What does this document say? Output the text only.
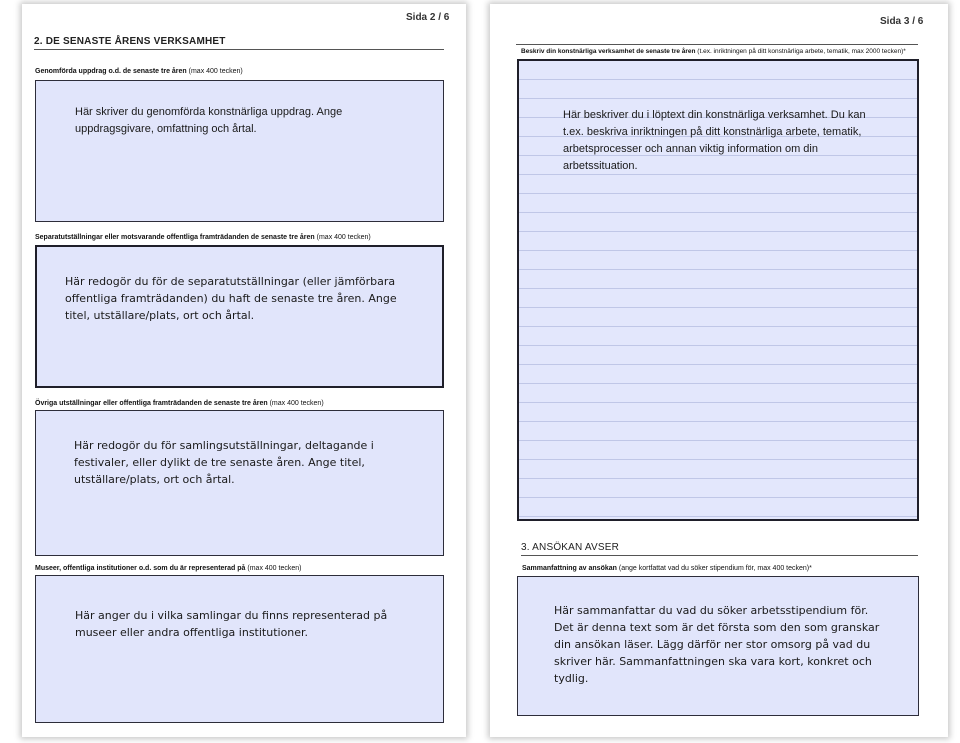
Sida 2 / 6
2. DE SENASTE ÅRENS VERKSAMHET
Genomförda uppdrag o.d. de senaste tre åren (max 400 tecken)
Här skriver du genomförda konstnärliga uppdrag. Ange uppdragsgivare, omfattning och årtal.
Separatutställningar eller motsvarande offentliga framträdanden de senaste tre åren (max 400 tecken)
Här redogör du för de separatutställningar (eller jämförbara offentliga framträdanden) du haft de senaste tre åren. Ange titel, utställare/plats, ort och årtal.
Övriga utställningar eller offentliga framträdanden de senaste tre åren (max 400 tecken)
Här redogör du för samlingsutställningar, deltagande i festivaler, eller dylikt de tre senaste åren. Ange titel, utställare/plats, ort och årtal.
Museer, offentliga institutioner o.d. som du är representerad på (max 400 tecken)
Här anger du i vilka samlingar du finns representerad på museer eller andra offentliga institutioner.
Sida 3 / 6
Beskriv din konstnärliga verksamhet de senaste tre åren (t.ex. inriktningen på ditt konstnärliga arbete, tematik, max 2000 tecken)*
Här beskriver du i löptext din konstnärliga verksamhet. Du kan t.ex. beskriva inriktningen på ditt konstnärliga arbete, tematik, arbetsprocesser och annan viktig information om din arbetssituation.
3. ANSÖKAN AVSER
Sammanfattning av ansökan (ange kortfattat vad du söker stipendium för, max 400 tecken)*
Här sammanfattar du vad du söker arbetsstipendium för. Det är denna text som är det första som den som granskar din ansökan läser. Lägg därför ner stor omsorg på vad du skriver här. Sammanfattningen ska vara kort, konkret och tydlig.
